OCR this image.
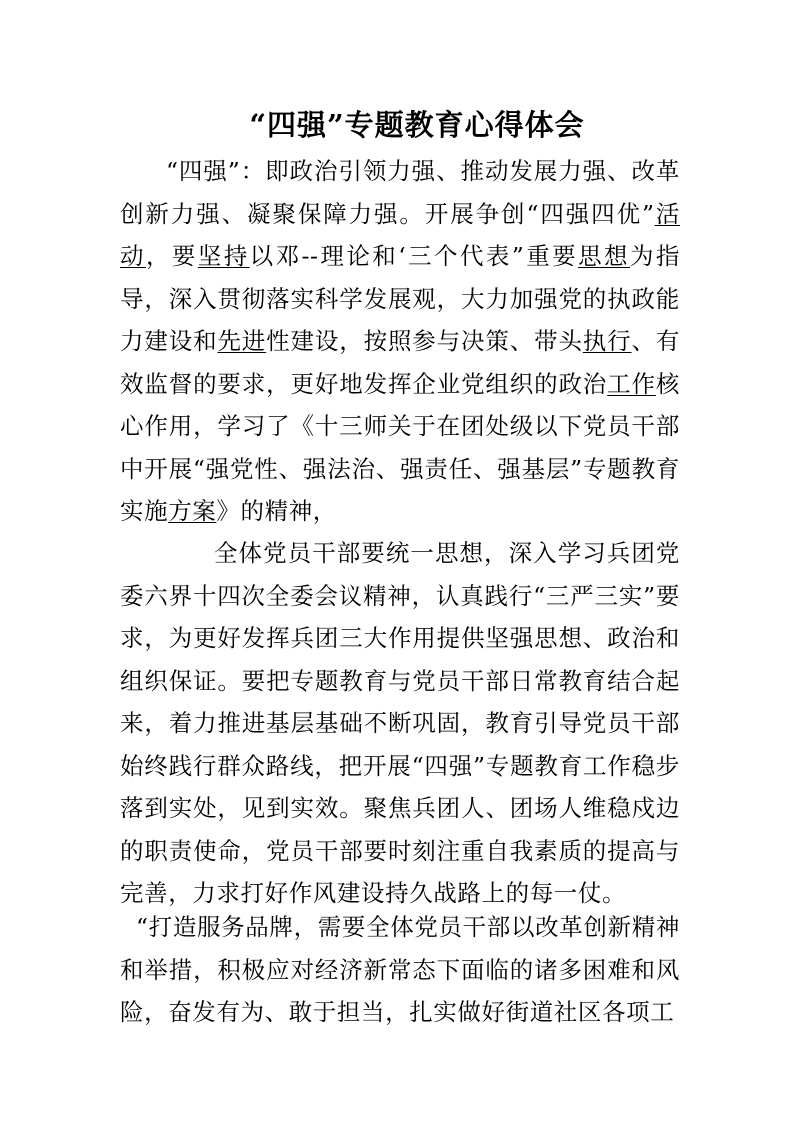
“四强”专题教育心得体会

“四强”：即政治引领力强、推动发展力强、改革创新力强、凝聚保障力强。开展争创“四强四优”活动，要坚持以邓--理论和‘三个代表”重要思想为指导，深入贯彻落实科学发展观，大力加强党的执政能力建设和先进性建设，按照参与决策、带头执行、有效监督的要求，更好地发挥企业党组织的政治工作核心作用，学习了《十三师关于在团处级以下党员干部中开展“强党性、强法治、强责任、强基层”专题教育实施方案》的精神，

全体党员干部要统一思想，深入学习兵团党委六界十四次全委会议精神，认真践行“三严三实”要求，为更好发挥兵团三大作用提供坚强思想、政治和组织保证。要把专题教育与党员干部日常教育结合起来，着力推进基层基础不断巩固，教育引导党员干部始终践行群众路线，把开展“四强”专题教育工作稳步落到实处，见到实效。聚焦兵团人、团场人维稳戍边的职责使命，党员干部要时刻注重自我素质的提高与完善，力求打好作风建设持久战路上的每一仗。

“打造服务品牌，需要全体党员干部以改革创新精神和举措，积极应对经济新常态下面临的诸多困难和风险，奋发有为、敢于担当，扎实做好街道社区各项工
